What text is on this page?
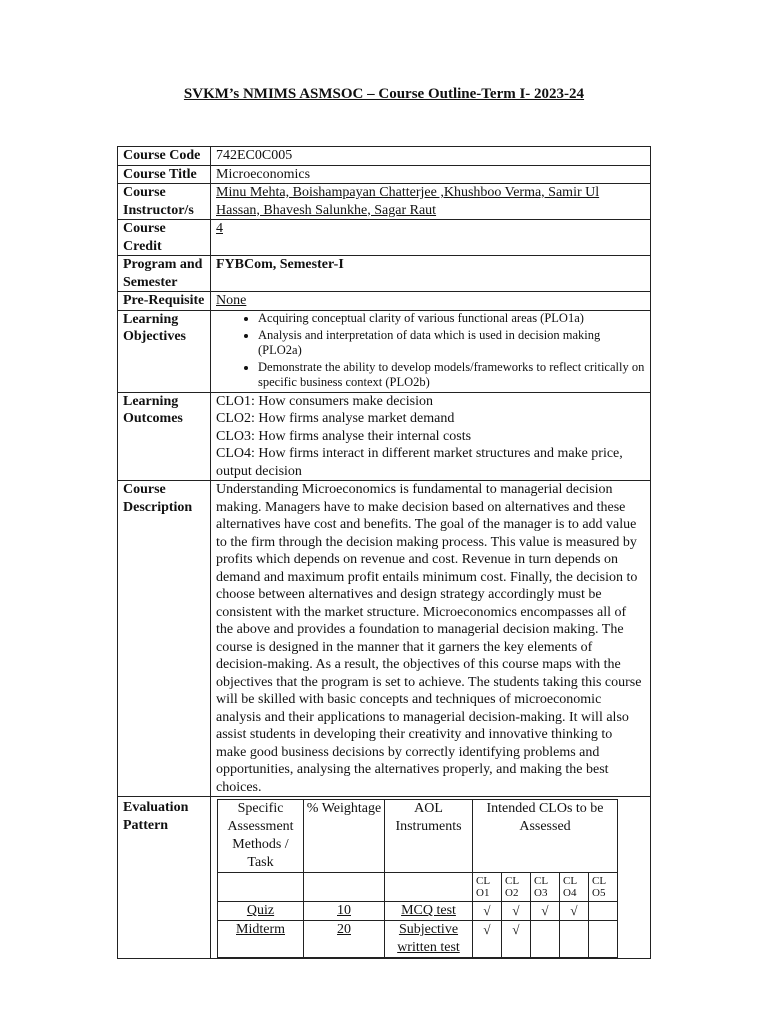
SVKM’s NMIMS ASMSOC – Course Outline-Term I- 2023-24
Course Code	742EC0C005
Course Title	Microeconomics
Course Instructor/s	Minu Mehta, Boishampayan Chatterjee ,Khushboo Verma, Samir Ul Hassan, Bhavesh Salunkhe, Sagar Raut
Course Credit	4
Program and Semester	FYBCom, Semester-I
Pre-Requisite	None
Learning Objectives	
• Acquiring conceptual clarity of various functional areas (PLO1a)
• Analysis and interpretation of data which is used in decision making (PLO2a)
• Demonstrate the ability to develop models/frameworks to reflect critically on specific business context (PLO2b)

Learning Outcomes	
CLO1: How consumers make decision
CLO2: How firms analyse market demand
CLO3: How firms analyse their internal costs
CLO4: How firms interact in different market structures and make price, output decision

Course Description	Understanding Microeconomics is fundamental to managerial decision making. Managers have to make decision based on alternatives and these alternatives have cost and benefits. The goal of the manager is to add value to the firm through the decision making process. This value is measured by profits which depends on revenue and cost. Revenue in turn depends on demand and maximum profit entails minimum cost. Finally, the decision to choose between alternatives and design strategy accordingly must be consistent with the market structure. Microeconomics encompasses all of the above and provides a foundation to managerial decision making. The course is designed in the manner that it garners the key elements of decision-making. As a result, the objectives of this course maps with the objectives that the program is set to achieve. The students taking this course will be skilled with basic concepts and techniques of microeconomic analysis and their applications to managerial decision-making. It will also assist students in developing their creativity and innovative thinking to make good business decisions by correctly identifying problems and opportunities, analysing the alternatives properly, and making the best choices.
Evaluation Pattern	
Specific Assessment Methods / Task	% Weightage	AOL Instruments	Intended CLOs to be Assessed
			CL O1	CL O2	CL O3	CL O4	CL O5
Quiz	10	MCQ test	√	√	√	√	
Midterm	20	Subjective written test	√	√			
